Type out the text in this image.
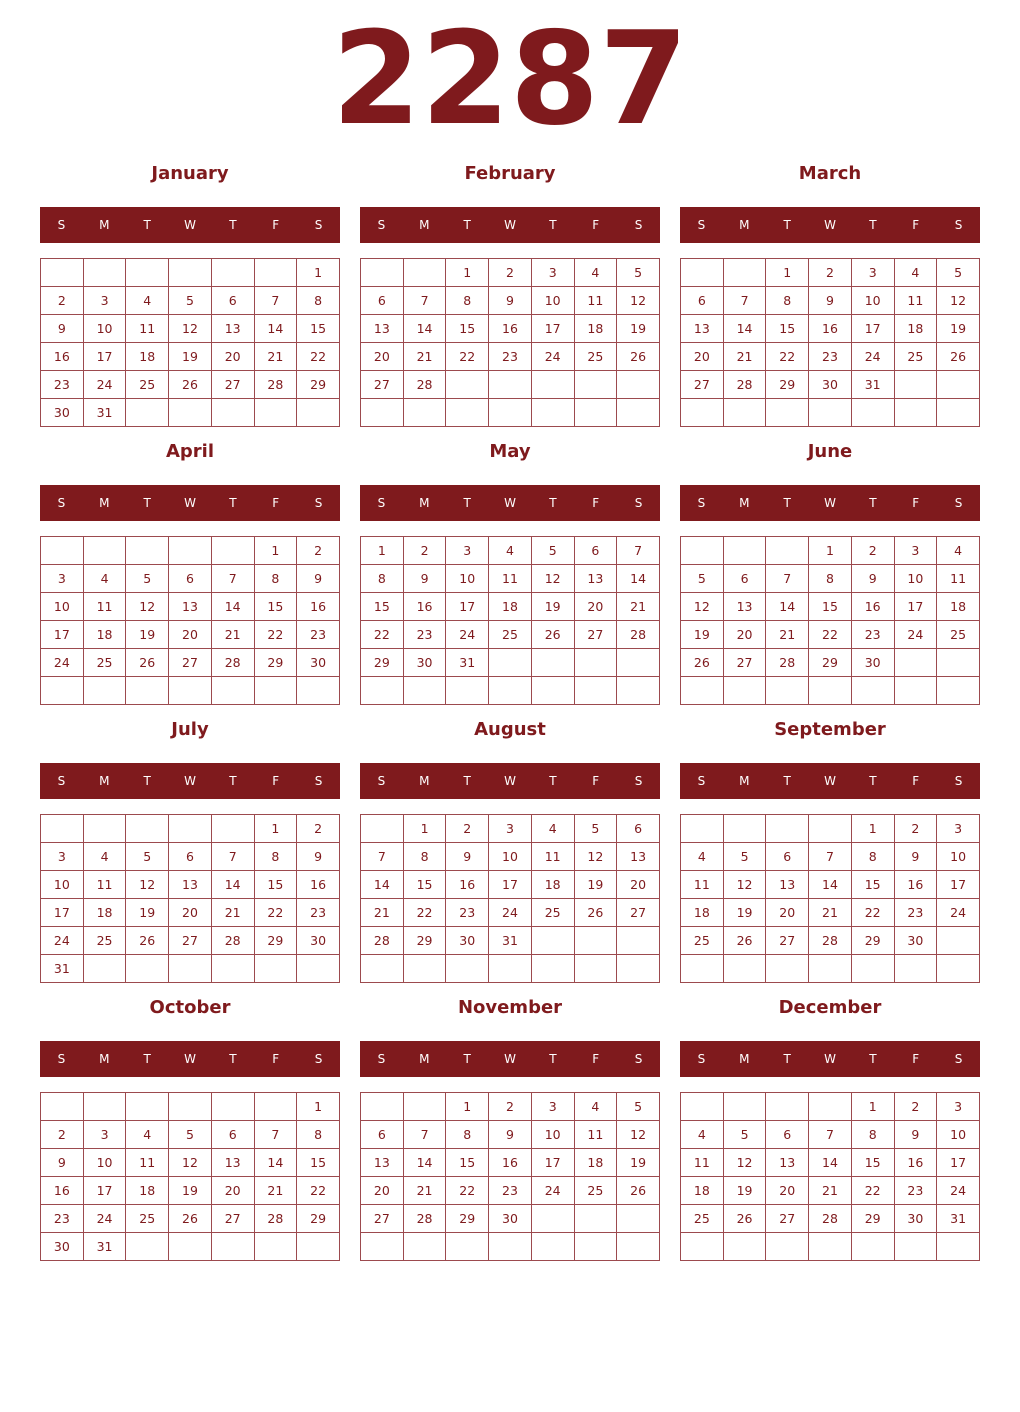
2287
January
S	M	T	W	T	F	S
						1
2	3	4	5	6	7	8
9	10	11	12	13	14	15
16	17	18	19	20	21	22
23	24	25	26	27	28	29
30	31					
February
S	M	T	W	T	F	S
		1	2	3	4	5
6	7	8	9	10	11	12
13	14	15	16	17	18	19
20	21	22	23	24	25	26
27	28					

March
S	M	T	W	T	F	S
		1	2	3	4	5
6	7	8	9	10	11	12
13	14	15	16	17	18	19
20	21	22	23	24	25	26
27	28	29	30	31		

April
S	M	T	W	T	F	S
					1	2
3	4	5	6	7	8	9
10	11	12	13	14	15	16
17	18	19	20	21	22	23
24	25	26	27	28	29	30

May
S	M	T	W	T	F	S
1	2	3	4	5	6	7
8	9	10	11	12	13	14
15	16	17	18	19	20	21
22	23	24	25	26	27	28
29	30	31				

June
S	M	T	W	T	F	S
			1	2	3	4
5	6	7	8	9	10	11
12	13	14	15	16	17	18
19	20	21	22	23	24	25
26	27	28	29	30		

July
S	M	T	W	T	F	S
					1	2
3	4	5	6	7	8	9
10	11	12	13	14	15	16
17	18	19	20	21	22	23
24	25	26	27	28	29	30
31						
August
S	M	T	W	T	F	S
	1	2	3	4	5	6
7	8	9	10	11	12	13
14	15	16	17	18	19	20
21	22	23	24	25	26	27
28	29	30	31			

September
S	M	T	W	T	F	S
				1	2	3
4	5	6	7	8	9	10
11	12	13	14	15	16	17
18	19	20	21	22	23	24
25	26	27	28	29	30	

October
S	M	T	W	T	F	S
						1
2	3	4	5	6	7	8
9	10	11	12	13	14	15
16	17	18	19	20	21	22
23	24	25	26	27	28	29
30	31					
November
S	M	T	W	T	F	S
		1	2	3	4	5
6	7	8	9	10	11	12
13	14	15	16	17	18	19
20	21	22	23	24	25	26
27	28	29	30			

December
S	M	T	W	T	F	S
				1	2	3
4	5	6	7	8	9	10
11	12	13	14	15	16	17
18	19	20	21	22	23	24
25	26	27	28	29	30	31
